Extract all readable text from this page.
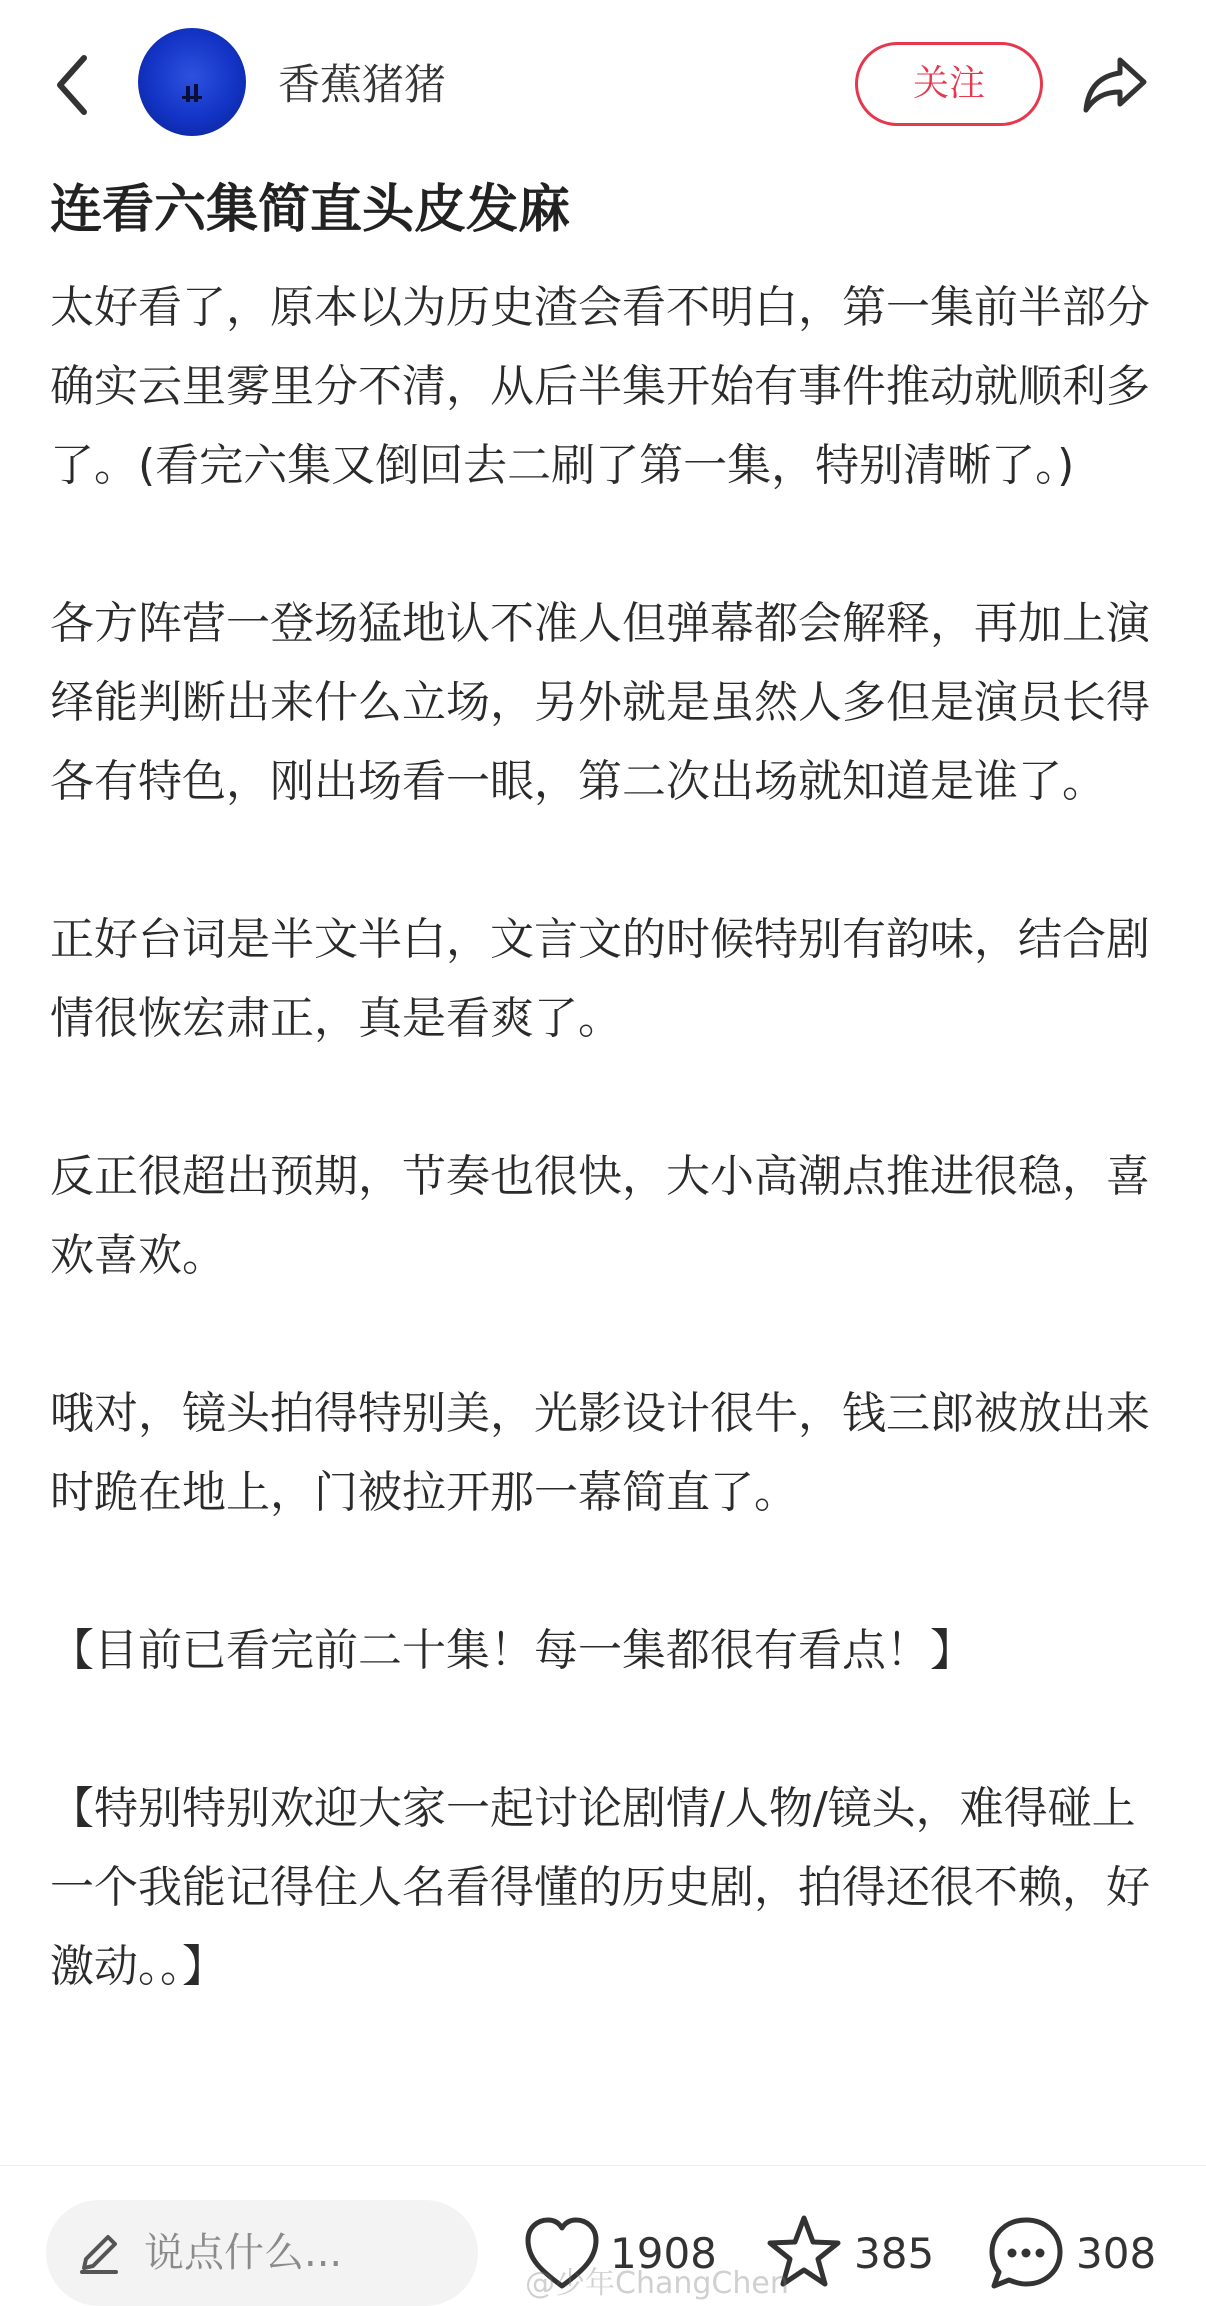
香蕉猪猪	关注
连看六集简直头皮发麻
太好看了，原本以为历史渣会看不明白，第一集前半部分确实云里雾里分不清，从后半集开始有事件推动就顺利多了。(看完六集又倒回去二刷了第一集，特别清晰了。)
各方阵营一登场猛地认不准人但弹幕都会解释，再加上演绎能判断出来什么立场，另外就是虽然人多但是演员长得各有特色，刚出场看一眼，第二次出场就知道是谁了。
正好台词是半文半白，文言文的时候特别有韵味，结合剧情很恢宏肃正，真是看爽了。
反正很超出预期，节奏也很快，大小高潮点推进很稳，喜欢喜欢。
哦对，镜头拍得特别美，光影设计很牛，钱三郎被放出来时跪在地上，门被拉开那一幕简直了。
【目前已看完前二十集！每一集都很有看点！】
【特别特别欢迎大家一起讨论剧情/人物/镜头，难得碰上一个我能记得住人名看得懂的历史剧，拍得还很不赖，好激动。。】
说点什么...	1908	385	308
@少年ChangChen
